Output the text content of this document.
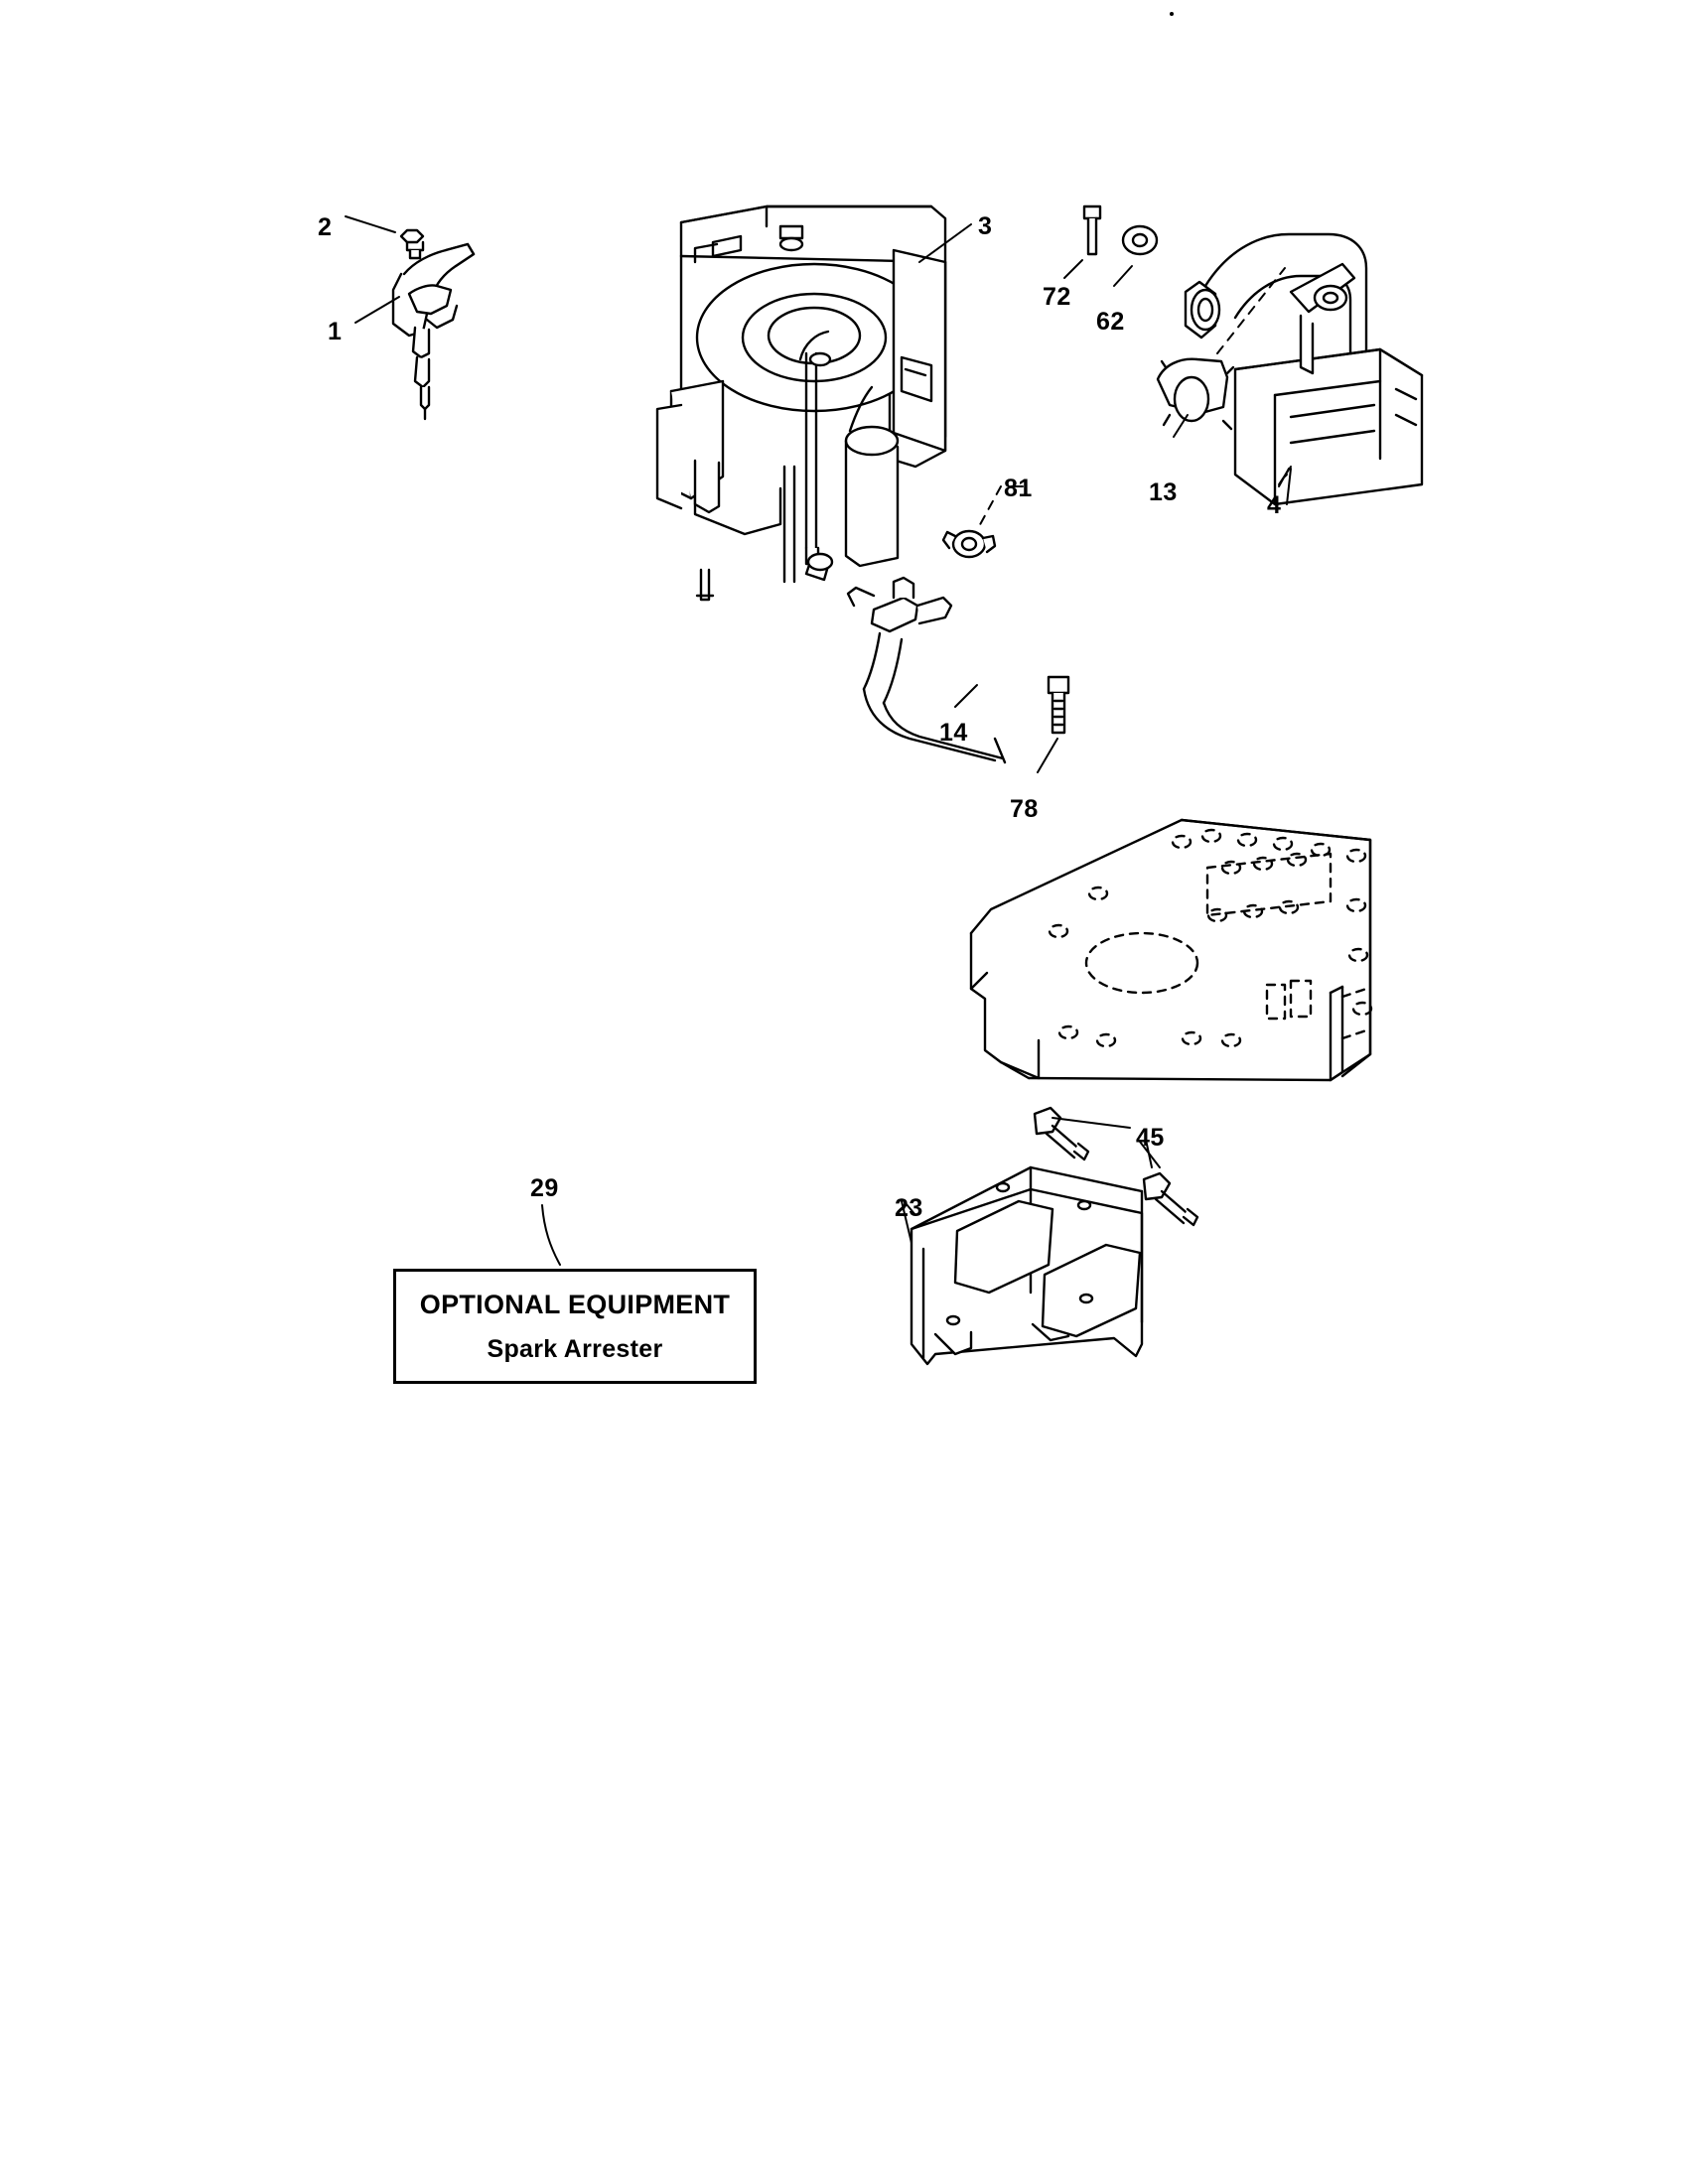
2
1
3
72
62
13	4
81
14
78
45
23
29
OPTIONAL EQUIPMENT
Spark Arrester
